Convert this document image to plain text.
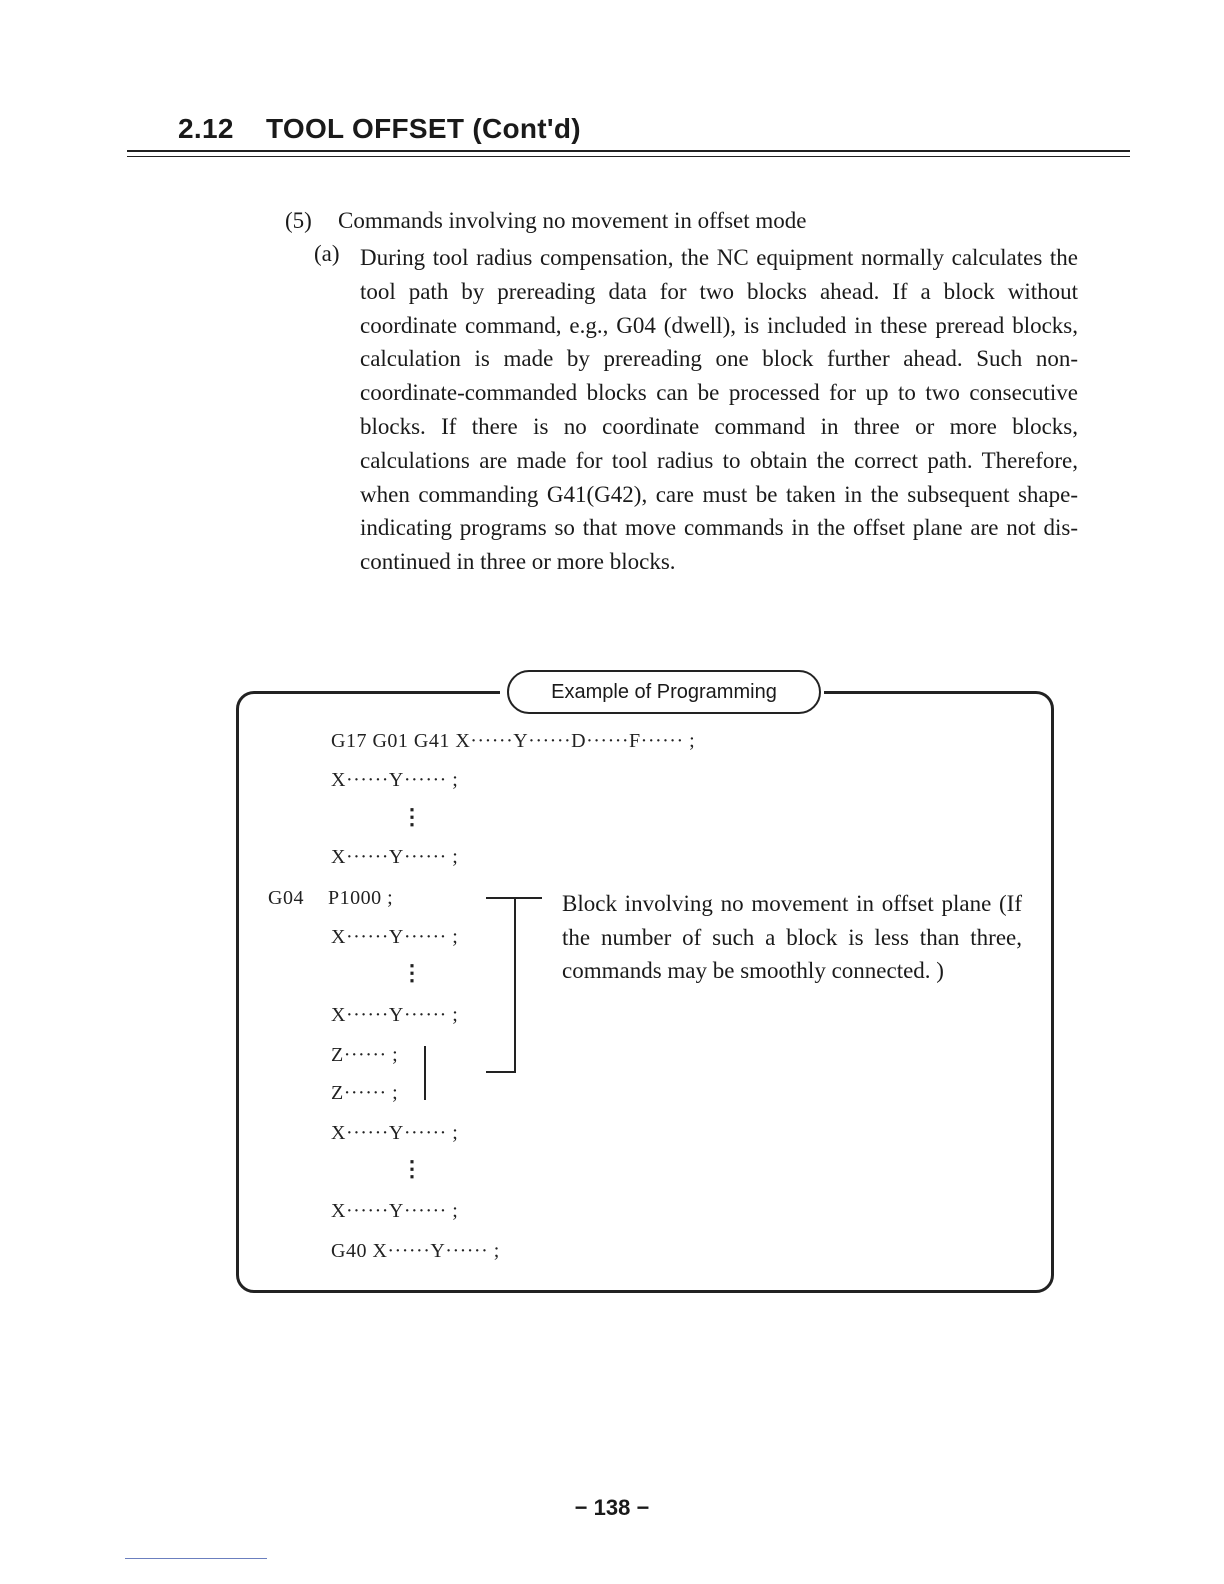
2.12 TOOL OFFSET (Cont'd)
(5) Commands involving no movement in offset mode
(a) During tool radius compensation, the NC equipment normally calculates the tool path by prereading data for two blocks ahead. If a block without coordinate command, e.g., G04 (dwell), is included in these preread blocks, calculation is made by prereading one block further ahead. Such non-coordinate-commanded blocks can be processed for up to two consecutive blocks. If there is no coordinate command in three or more blocks, calculations are made for tool radius to obtain the correct path. Therefore, when commanding G41(G42), care must be taken in the subsequent shape-indicating programs so that move commands in the offset plane are not dis-continued in three or more blocks.
Example of Programming
G17 G01 G41 X······Y······D······F······ ;
X······Y······ ;
⋮
X······Y······ ;
G04 P1000 ;
X······Y······ ;
⋮
X······Y······ ;
Z······ ;
Z······ ;
X······Y······ ;
⋮
X······Y······ ;
G40 X······Y······ ;
Block involving no movement in offset plane (If the number of such a block is less than three, commands may be smoothly connected. )
− 138 −
